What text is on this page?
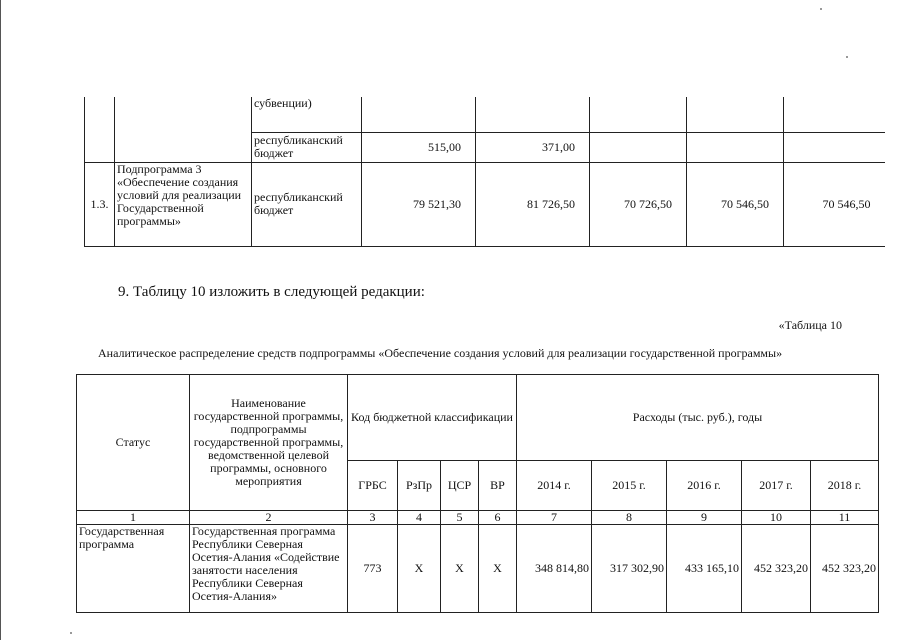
		субвенции)					
		республиканский бюджет	515,00	371,00			
1.3.	Подпрограмма 3 «Обеспечение создания условий для реализации Государственной программы»	республиканский бюджет	79 521,30	81 726,50	70 726,50	70 546,50	70 546,50
9. Таблицу 10 изложить в следующей редакции:
«Таблица 10
Аналитическое распределение средств подпрограммы «Обеспечение создания условий для реализации государственной программы»
Статус	Наименование государственной программы, подпрограммы государственной программы, ведомственной целевой программы, основного мероприятия	Код бюджетной классификации				Расходы (тыс. руб.), годы				
		ГРБС	РзПр	ЦСР	ВР	2014 г.	2015 г.	2016 г.	2017 г.	2018 г.
1	2	3	4	5	6	7	8	9	10	11
Государственная программа	Государственная программа Республики Северная Осетия-Алания «Содействие занятости населения Республики Северная Осетия-Алания»	773	Х	Х	Х	348 814,80	317 302,90	433 165,10	452 323,20	452 323,20
